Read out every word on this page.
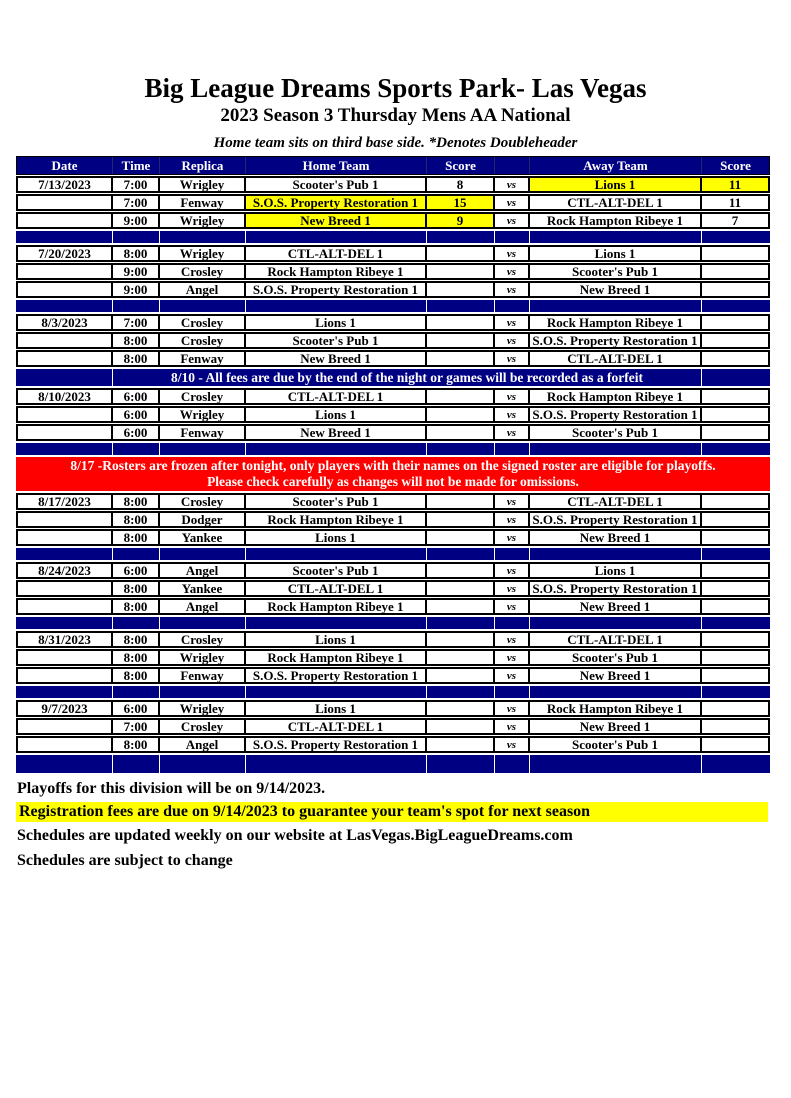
Big League Dreams Sports Park- Las Vegas
2023 Season 3 Thursday Mens AA National
Home team sits on third base side. *Denotes Doubleheader
Date	Time	Replica	Home Team	Score	Away Team	Score
7/13/2023	7:00	Wrigley	Scooter's Pub 1	8	vs	Lions 1	11
7:00	Fenway	S.O.S. Property Restoration 1	15	vs	CTL-ALT-DEL 1	11
9:00	Wrigley	New Breed 1	9	vs	Rock Hampton Ribeye 1	7
7/20/2023	8:00	Wrigley	CTL-ALT-DEL 1	vs	Lions 1
9:00	Crosley	Rock Hampton Ribeye 1	vs	Scooter's Pub 1
9:00	Angel	S.O.S. Property Restoration 1	vs	New Breed 1
8/3/2023	7:00	Crosley	Lions 1	vs	Rock Hampton Ribeye 1
8:00	Crosley	Scooter's Pub 1	vs	S.O.S. Property Restoration 1
8:00	Fenway	New Breed 1	vs	CTL-ALT-DEL 1
8/10 - All fees are due by the end of the night or games will be recorded as a forfeit
8/10/2023	6:00	Crosley	CTL-ALT-DEL 1	vs	Rock Hampton Ribeye 1
6:00	Wrigley	Lions 1	vs	S.O.S. Property Restoration 1
6:00	Fenway	New Breed 1	vs	Scooter's Pub 1
8/17 -Rosters are frozen after tonight, only players with their names on the signed roster are eligible for playoffs.
Please check carefully as changes will not be made for omissions.
8/17/2023	8:00	Crosley	Scooter's Pub 1	vs	CTL-ALT-DEL 1
8:00	Dodger	Rock Hampton Ribeye 1	vs	S.O.S. Property Restoration 1
8:00	Yankee	Lions 1	vs	New Breed 1
8/24/2023	6:00	Angel	Scooter's Pub 1	vs	Lions 1
8:00	Yankee	CTL-ALT-DEL 1	vs	S.O.S. Property Restoration 1
8:00	Angel	Rock Hampton Ribeye 1	vs	New Breed 1
8/31/2023	8:00	Crosley	Lions 1	vs	CTL-ALT-DEL 1
8:00	Wrigley	Rock Hampton Ribeye 1	vs	Scooter's Pub 1
8:00	Fenway	S.O.S. Property Restoration 1	vs	New Breed 1
9/7/2023	6:00	Wrigley	Lions 1	vs	Rock Hampton Ribeye 1
7:00	Crosley	CTL-ALT-DEL 1	vs	New Breed 1
8:00	Angel	S.O.S. Property Restoration 1	vs	Scooter's Pub 1
Playoffs for this division will be on 9/14/2023.
Registration fees are due on 9/14/2023 to guarantee your team's spot for next season
Schedules are updated weekly on our website at LasVegas.BigLeagueDreams.com
Schedules are subject to change
